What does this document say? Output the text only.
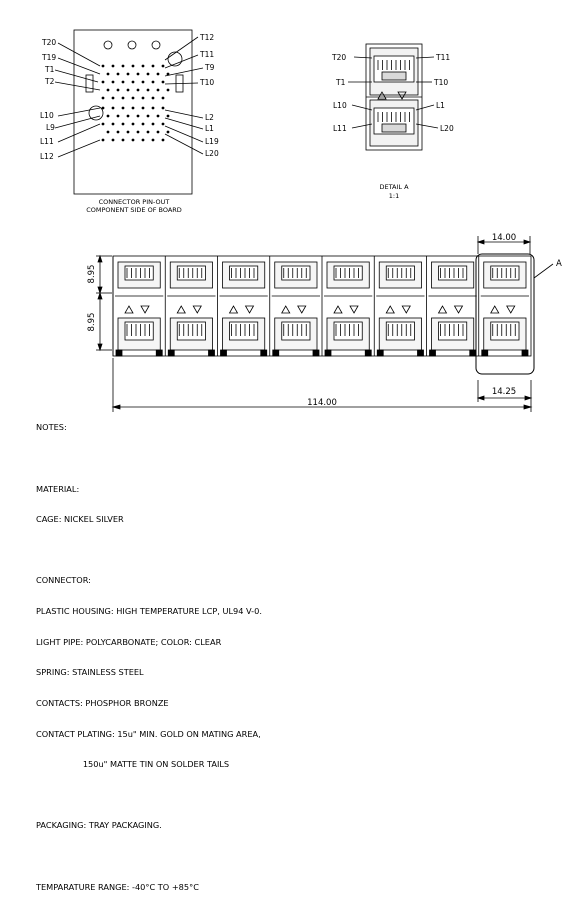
T20
T19
T1
T2
L10
L9
L11
L12
T12
T11
T9
T10
L2
L1
L19
L20
CONNECTOR PIN-OUT
COMPONENT SIDE OF BOARD
T20
T1
L10
L11
T11
T10
L1
L20
DETAIL A
1:1
14.00
A
8.95
8.95
114.00
14.25

NOTES:

MATERIAL:

CAGE: NICKEL SILVER

CONNECTOR:

PLASTIC HOUSING: HIGH TEMPERATURE LCP, UL94 V-0.

LIGHT PIPE: POLYCARBONATE; COLOR: CLEAR

SPRING: STAINLESS STEEL

CONTACTS: PHOSPHOR BRONZE

CONTACT PLATING: 15u" MIN. GOLD ON MATING AREA,

150u" MATTE TIN ON SOLDER TAILS

PACKAGING: TRAY PACKAGING.

TEMPARATURE RANGE: -40°C TO +85°C
